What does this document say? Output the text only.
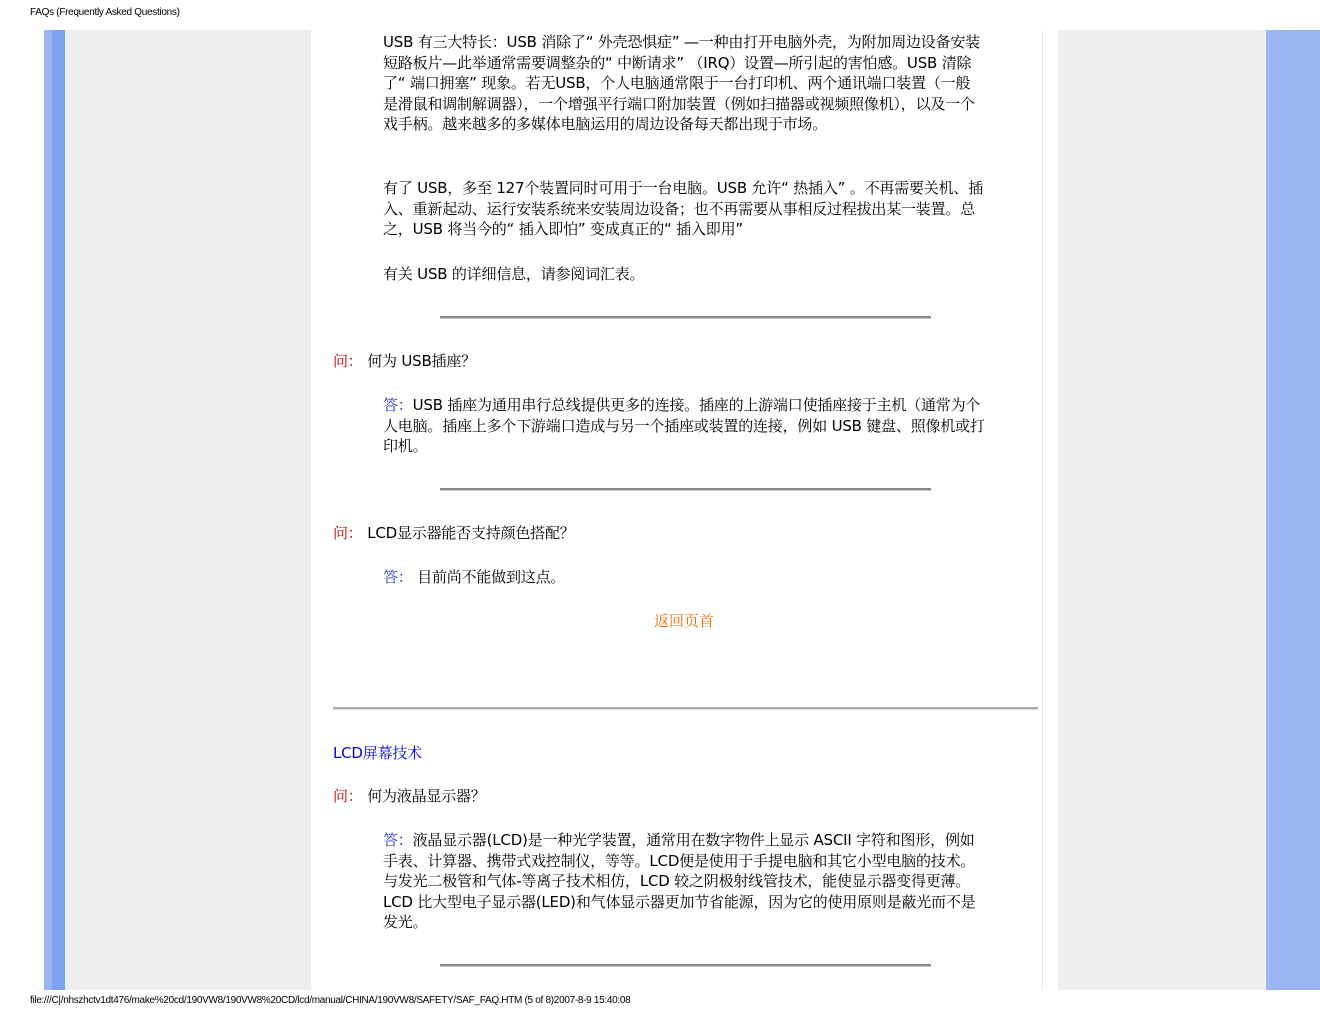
FAQs (Frequently Asked Questions)
USB 有三大特长：USB 消除了“ 外壳恐惧症” —一种由打开电脑外壳，为附加周边设备安装短路板片—此举通常需要调整杂的“ 中断请求” （IRQ）设置—所引起的害怕感。USB 清除了“ 端口拥塞” 现象。若无USB，个人电脑通常限于一台打印机、两个通讯端口装置（一般是滑鼠和调制解调器），一个增强平行端口附加装置（例如扫描器或视频照像机），以及一个戏手柄。越来越多的多媒体电脑运用的周边设备每天都出现于市场。
有了 USB，多至 127个装置同时可用于一台电脑。USB 允许“ 热插入” 。不再需要关机、插入、重新起动、运行安装系统来安装周边设备；也不再需要从事相反过程拔出某一装置。总之，USB 将当今的“ 插入即怕” 变成真正的“ 插入即用”
有关 USB 的详细信息，请参阅词汇表。
问： 何为 USB插座？
答：USB 插座为通用串行总线提供更多的连接。插座的上游端口使插座接于主机（通常为个人电脑。插座上多个下游端口造成与另一个插座或装置的连接，例如 USB 键盘、照像机或打印机。
问： LCD显示器能否支持颜色搭配？
答： 目前尚不能做到这点。
返回页首
LCD屏幕技术
问： 何为液晶显示器？
答：液晶显示器(LCD)是一种光学装置，通常用在数字物件上显示 ASCII 字符和图形，例如手表、计算器、携带式戏控制仪，等等。LCD便是使用于手提电脑和其它小型电脑的技术。与发光二极管和气体-等离子技术相仿，LCD 较之阴极射线管技术，能使显示器变得更薄。LCD 比大型电子显示器(LED)和气体显示器更加节省能源，因为它的使用原则是蔽光而不是发光。
file:///C|/nhszhctv1dt476/make%20cd/190VW8/190VW8%20CD/lcd/manual/CHINA/190VW8/SAFETY/SAF_FAQ.HTM (5 of 8)2007-8-9 15:40:08
